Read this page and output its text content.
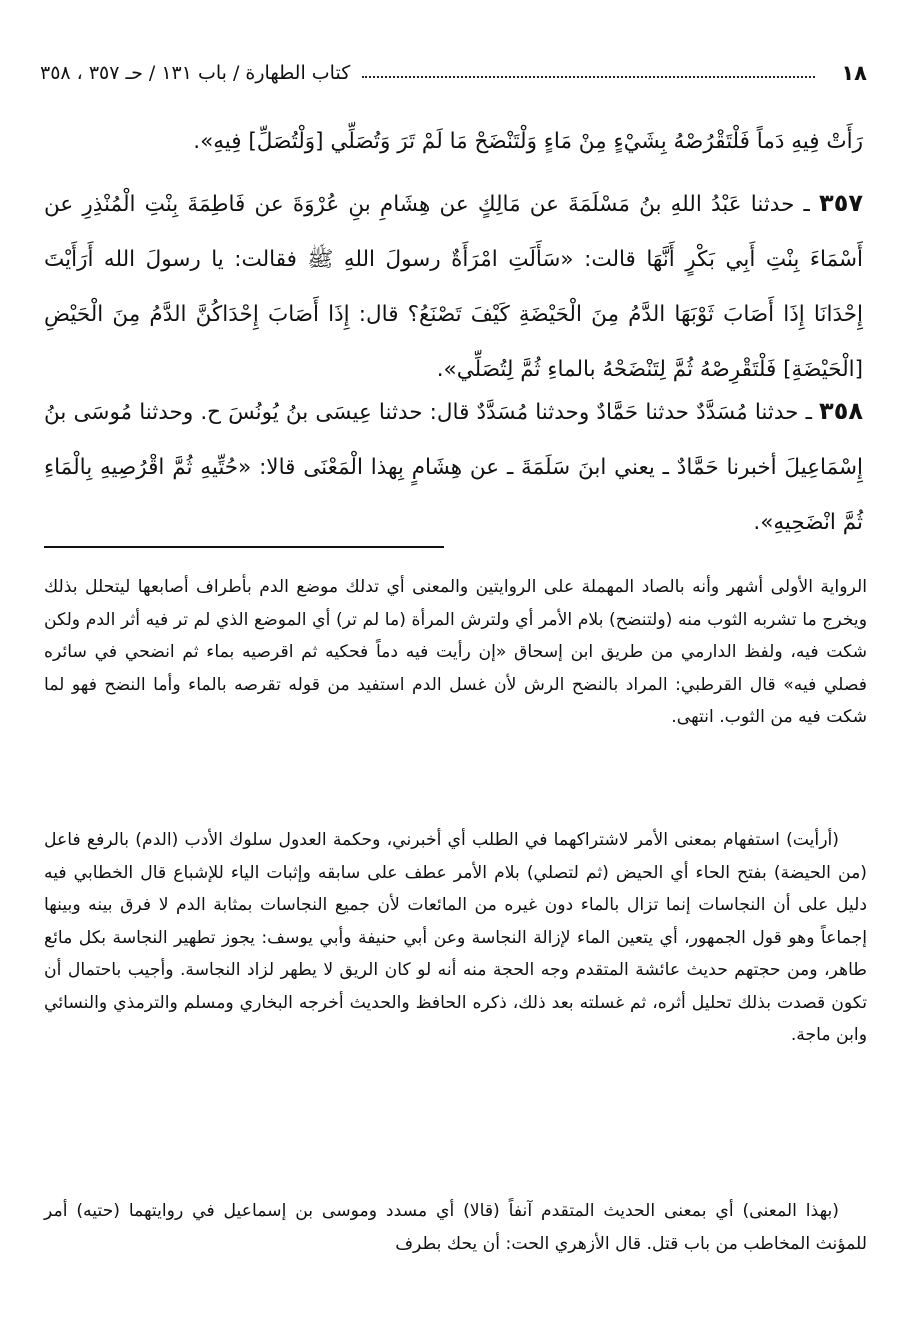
١٨
كتاب الطهارة / باب ١٣١ / حـ ٣٥٧ ، ٣٥٨
رَأَتْ فِيهِ دَماً فَلْتَقْرُصْهُ بِشَيْءٍ مِنْ مَاءٍ وَلْتَنْضَحْ مَا لَمْ تَرَ وَتُصَلِّي [وَلْتُصَلِّ] فِيهِ».
٣٥٧ ـ حدثنا عَبْدُ اللهِ بنُ مَسْلَمَةَ عن مَالِكٍ عن هِشَامِ بنِ عُرْوَةَ عن فَاطِمَةَ بِنْتِ الْمُنْذِرِ عن أَسْمَاءَ بِنْتِ أَبِي بَكْرٍ أَنَّهَا قالت: «سَأَلَتِ امْرَأَةٌ رسولَ اللهِ ﷺ فقالت: يا رسولَ الله أَرَأَيْتَ إِحْدَانَا إِذَا أَصَابَ ثَوْبَهَا الدَّمُ مِنَ الْحَيْضَةِ كَيْفَ تَصْنَعُ؟ قال: إِذَا أَصَابَ إِحْدَاكُنَّ الدَّمُ مِنَ الْحَيْضِ [الْحَيْضَةِ] فَلْتَقْرِصْهُ ثُمَّ لِتَنْضَحْهُ بالماءِ ثُمَّ لِتُصَلِّي».
٣٥٨ ـ حدثنا مُسَدَّدٌ حدثنا حَمَّادٌ وحدثنا مُسَدَّدٌ قال: حدثنا عِيسَى بنُ يُونُسَ ح. وحدثنا مُوسَى بنُ إِسْمَاعِيلَ أخبرنا حَمَّادٌ ـ يعني ابنَ سَلَمَةَ ـ عن هِشَامٍ بِهذا الْمَعْنَى قالا: «حُتِّيهِ ثُمَّ اقْرُصِيهِ بِالْمَاءِ ثُمَّ انْضَحِيهِ».

الرواية الأولى أشهر وأنه بالصاد المهملة على الروايتين والمعنى أي تدلك موضع الدم بأطراف أصابعها ليتحلل بذلك ويخرج ما تشربه الثوب منه (ولتنضح) بلام الأمر أي ولترش المرأة (ما لم تر) أي الموضع الذي لم تر فيه أثر الدم ولكن شكت فيه، ولفظ الدارمي من طريق ابن إسحاق «إن رأيت فيه دماً فحكيه ثم اقرصيه بماء ثم انضحي في سائره فصلي فيه» قال القرطبي: المراد بالنضح الرش لأن غسل الدم استفيد من قوله تقرصه بالماء وأما النضح فهو لما شكت فيه من الثوب. انتهى.

(أرأيت) استفهام بمعنى الأمر لاشتراكهما في الطلب أي أخبرني، وحكمة العدول سلوك الأدب (الدم) بالرفع فاعل (من الحيضة) بفتح الحاء أي الحيض (ثم لتصلي) بلام الأمر عطف على سابقه وإثبات الياء للإشباع قال الخطابي فيه دليل على أن النجاسات إنما تزال بالماء دون غيره من المائعات لأن جميع النجاسات بمثابة الدم لا فرق بينه وبينها إجماعاً وهو قول الجمهور، أي يتعين الماء لإزالة النجاسة وعن أبي حنيفة وأبي يوسف: يجوز تطهير النجاسة بكل مائع طاهر، ومن حجتهم حديث عائشة المتقدم وجه الحجة منه أنه لو كان الريق لا يطهر لزاد النجاسة. وأجيب باحتمال أن تكون قصدت بذلك تحليل أثره، ثم غسلته بعد ذلك، ذكره الحافظ والحديث أخرجه البخاري ومسلم والترمذي والنسائي وابن ماجة.

(بهذا المعنى) أي بمعنى الحديث المتقدم آنفاً (قالا) أي مسدد وموسى بن إسماعيل في روايتهما (حتيه) أمر للمؤنث المخاطب من باب قتل. قال الأزهري الحت: أن يحك بطرف
